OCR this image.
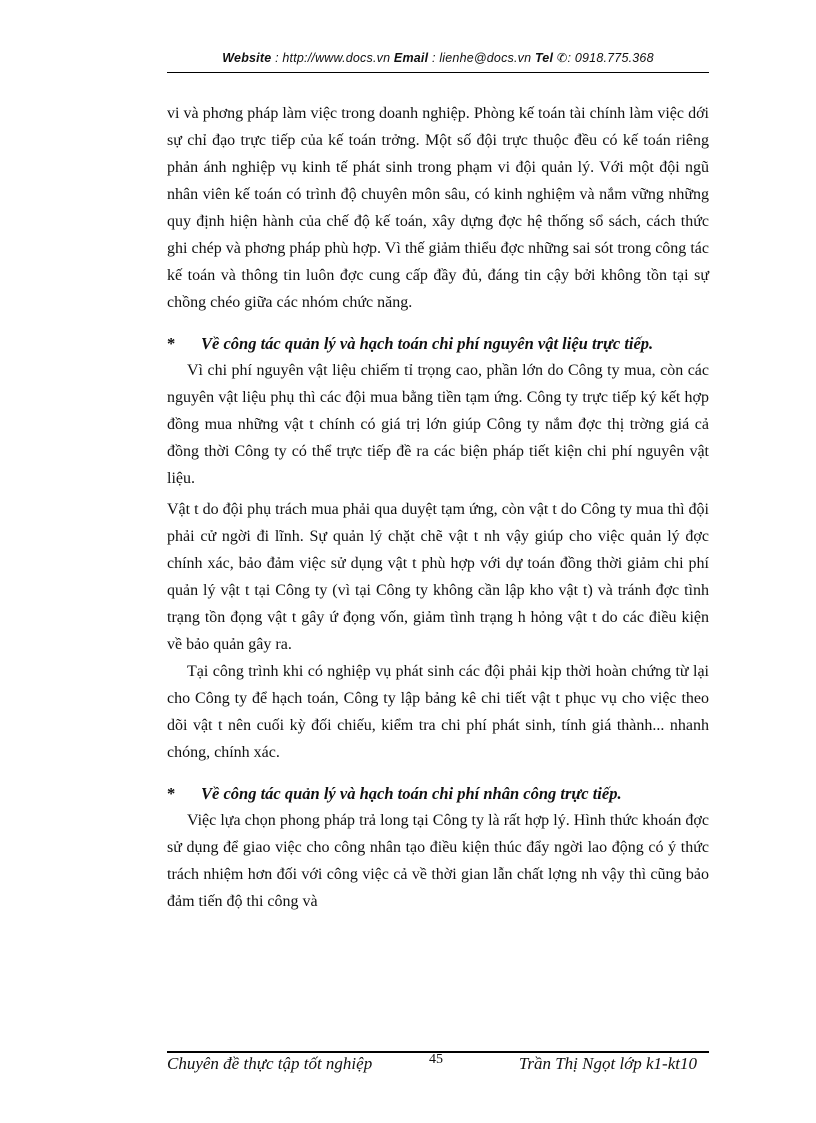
Website : http://www.docs.vn Email : lienhe@docs.vn Tel ✆: 0918.775.368

vi và phơng pháp làm việc trong doanh nghiệp. Phòng kế toán tài chính làm việc dới sự chỉ đạo trực tiếp của kế toán trởng. Một số đội trực thuộc đều có kế toán riêng phản ánh nghiệp vụ kinh tế phát sinh trong phạm vi đội quản lý. Với một đội ngũ nhân viên kế toán có trình độ chuyên môn sâu, có kinh nghiệm và nắm vững những quy định hiện hành của chế độ kế toán, xây dựng đợc hệ thống sổ sách, cách thức ghi chép và phơng pháp phù hợp. Vì thế giảm thiểu đợc những sai sót trong công tác kế toán và thông tin luôn đợc cung cấp đầy đủ, đáng tin cậy bởi không tồn tại sự chồng chéo giữa các nhóm chức năng.

* Về công tác quản lý và hạch toán chi phí nguyên vật liệu trực tiếp.

Vì chi phí nguyên vật liệu chiếm tỉ trọng cao, phần lớn do Công ty mua, còn các nguyên vật liệu phụ thì các đội mua bằng tiền tạm ứng. Công ty trực tiếp ký kết hợp đồng mua những vật t chính có giá trị lớn giúp Công ty nắm đợc thị trờng giá cả đồng thời Công ty có thể trực tiếp đề ra các biện pháp tiết kiện chi phí nguyên vật liệu.

Vật t do đội phụ trách mua phải qua duyệt tạm ứng, còn vật t do Công ty mua thì đội phải cử ngời đi lĩnh. Sự quản lý chặt chẽ vật t nh vậy giúp cho việc quản lý đợc chính xác, bảo đảm việc sử dụng vật t phù hợp với dự toán đồng thời giảm chi phí quản lý vật t tại Công ty (vì tại Công ty không cần lập kho vật t) và tránh đợc tình trạng tồn đọng vật t gây ứ đọng vốn, giảm tình trạng h hỏng vật t do các điều kiện về bảo quản gây ra.

Tại công trình khi có nghiệp vụ phát sinh các đội phải kịp thời hoàn chứng từ lại cho Công ty để hạch toán, Công ty lập bảng kê chi tiết vật t phục vụ cho việc theo dõi vật t nên cuối kỳ đối chiếu, kiểm tra chi phí phát sinh, tính giá thành... nhanh chóng, chính xác.

* Về công tác quản lý và hạch toán chi phí nhân công trực tiếp.

Việc lựa chọn phong pháp trả long tại Công ty là rất hợp lý. Hình thức khoán đợc sử dụng để giao việc cho công nhân tạo điều kiện thúc đẩy ngời lao động có ý thức trách nhiệm hơn đối với công việc cả về thời gian lẫn chất lợng nh vậy thì cũng bảo đảm tiến độ thi công và

Chuyên đề thực tập tốt nghiệp	45	Trần Thị Ngọt lớp k1-kt10
